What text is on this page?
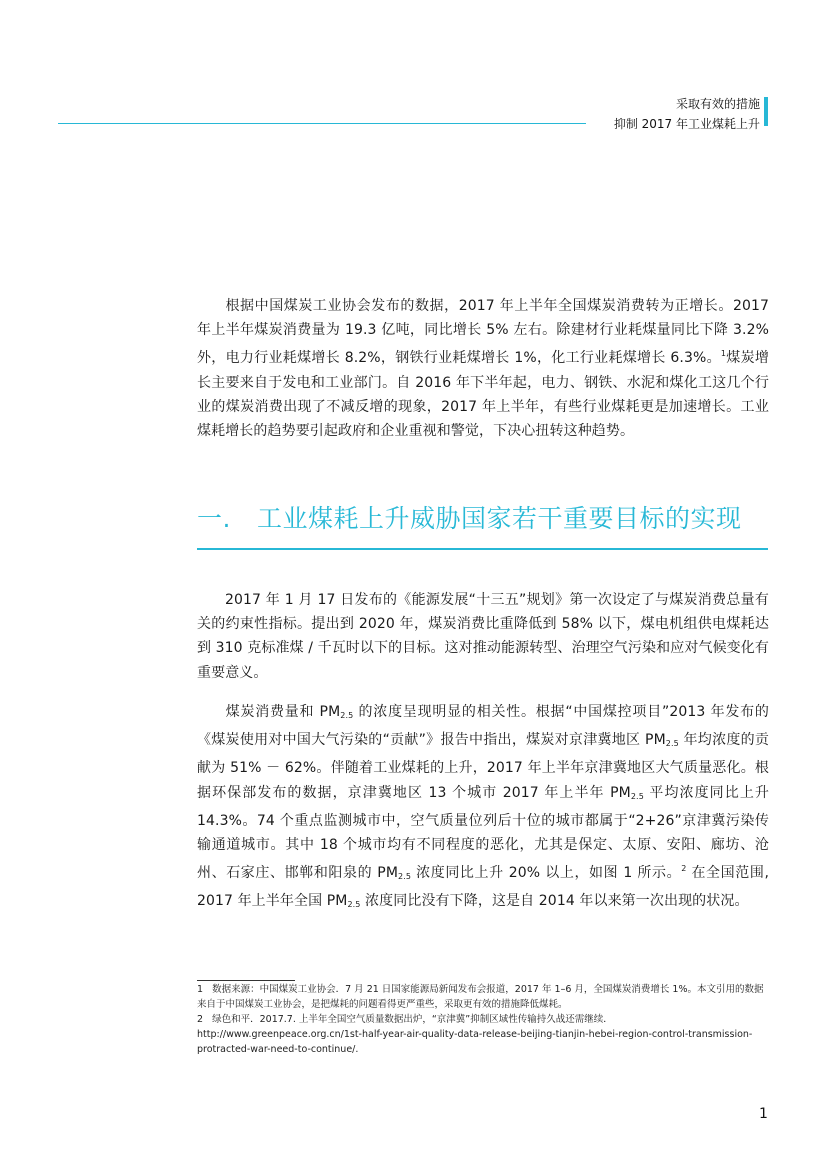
采取有效的措施
抑制 2017 年工业煤耗上升
根据中国煤炭工业协会发布的数据，2017 年上半年全国煤炭消费转为正增长。2017 年上半年煤炭消费量为 19.3 亿吨，同比增长 5% 左右。除建材行业耗煤量同比下降 3.2% 外，电力行业耗煤增长 8.2%，钢铁行业耗煤增长 1%，化工行业耗煤增长 6.3%。$^1$煤炭增长主要来自于发电和工业部门。自 2016 年下半年起，电力、钢铁、水泥和煤化工这几个行业的煤炭消费出现了不减反增的现象，2017 年上半年，有些行业煤耗更是加速增长。工业煤耗增长的趋势要引起政府和企业重视和警觉，下决心扭转这种趋势。
一. 工业煤耗上升威胁国家若干重要目标的实现
2017 年 1 月 17 日发布的《能源发展“十三五”规划》第一次设定了与煤炭消费总量有关的约束性指标。提出到 2020 年，煤炭消费比重降低到 58% 以下，煤电机组供电煤耗达到 310 克标准煤 / 千瓦时以下的目标。这对推动能源转型、治理空气污染和应对气候变化有重要意义。
煤炭消费量和 $PM_{2.5}$ 的浓度呈现明显的相关性。根据“中国煤控项目”2013 年发布的《煤炭使用对中国大气污染的“贡献”》报告中指出，煤炭对京津冀地区 $PM_{2.5}$ 年均浓度的贡献为 51% － 62%。伴随着工业煤耗的上升，2017 年上半年京津冀地区大气质量恶化。根据环保部发布的数据，京津冀地区 13 个城市 2017 年上半年 $PM_{2.5}$ 平均浓度同比上升 14.3%。74 个重点监测城市中，空气质量位列后十位的城市都属于“2+26”京津冀污染传输通道城市。其中 18 个城市均有不同程度的恶化，尤其是保定、太原、安阳、廊坊、沧州、石家庄、邯郸和阳泉的 $PM_{2.5}$ 浓度同比上升 20% 以上，如图 1 所示。$^2$ 在全国范围, 2017 年上半年全国 $PM_{2.5}$ 浓度同比没有下降，这是自 2014 年以来第一次出现的状况。

1 数据来源：中国煤炭工业协会．7 月 21 日国家能源局新闻发布会报道，2017 年 1–6 月，全国煤炭消费增长 1%。本文引用的数据来自于中国煤炭工业协会，是把煤耗的问题看得更严重些，采取更有效的措施降低煤耗。

2 绿色和平．2017.7. 上半年全国空气质量数据出炉，“京津冀”抑制区域性传输持久战还需继续．http://www.greenpeace.org.cn/1st-half-year-air-quality-data-release-beijing-tianjin-hebei-region-control-transmission-protracted-war-need-to-continue/.

1
